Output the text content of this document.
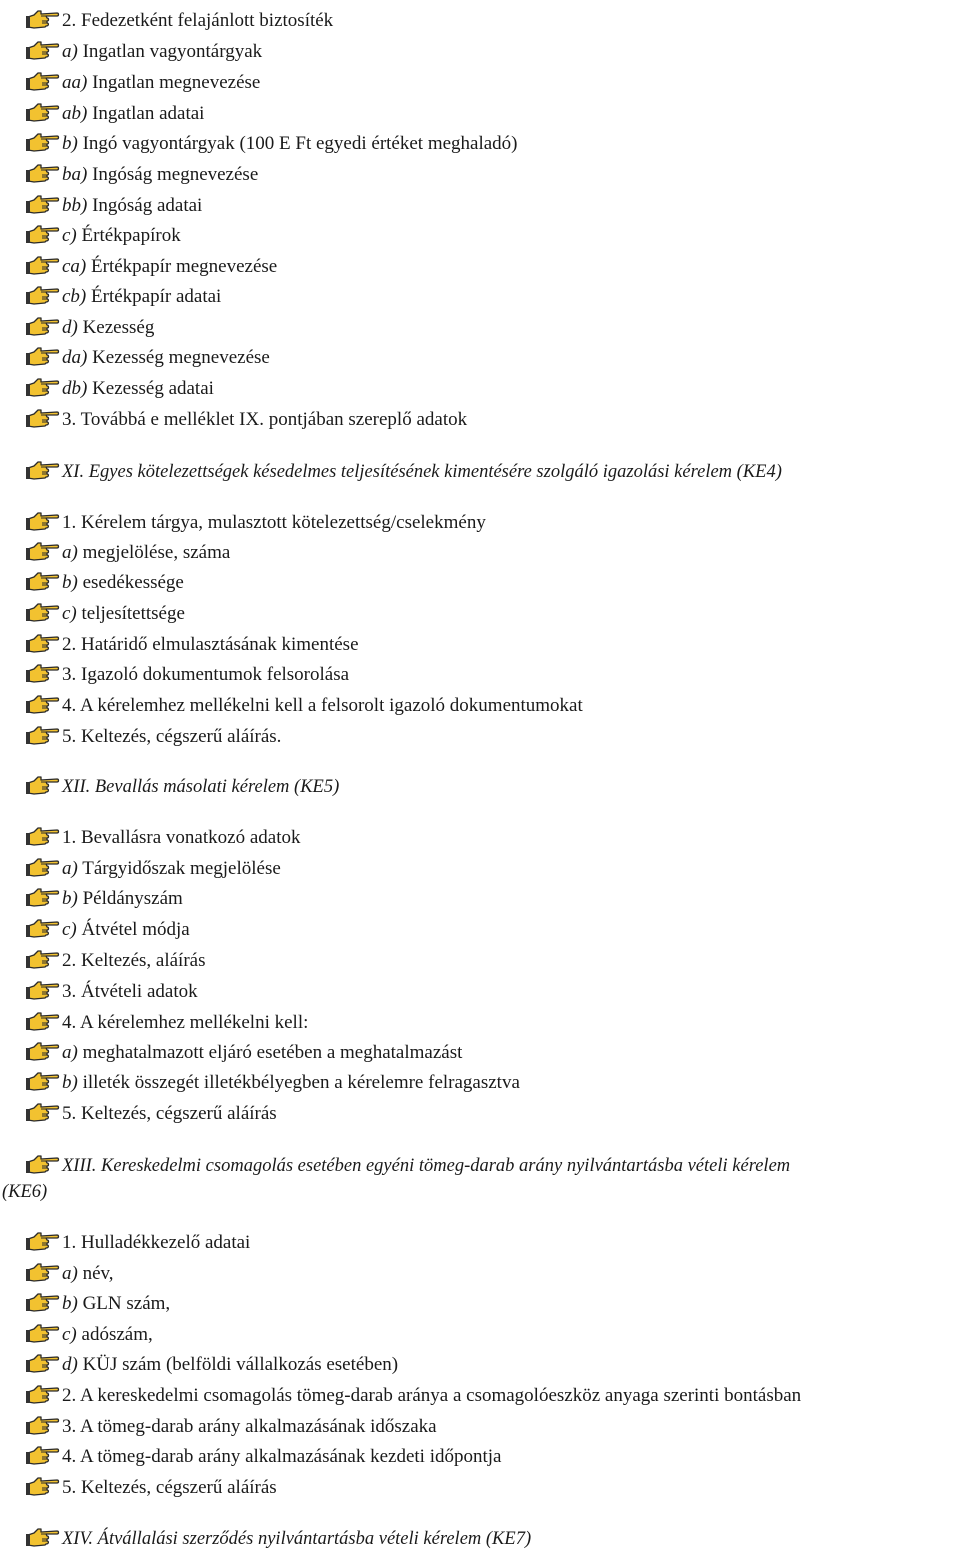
2. Fedezetként felajánlott biztosíték
a) Ingatlan vagyontárgyak
aa) Ingatlan megnevezése
ab) Ingatlan adatai
b) Ingó vagyontárgyak (100 E Ft egyedi értéket meghaladó)
ba) Ingóság megnevezése
bb) Ingóság adatai
c) Értékpapírok
ca) Értékpapír megnevezése
cb) Értékpapír adatai
d) Kezesség
da) Kezesség megnevezése
db) Kezesség adatai
3. Továbbá e melléklet IX. pontjában szereplő adatok
XI. Egyes kötelezettségek késedelmes teljesítésének kimentésére szolgáló igazolási kérelem (KE4)
1. Kérelem tárgya, mulasztott kötelezettség/cselekmény
a) megjelölése, száma
b) esedékessége
c) teljesítettsége
2. Határidő elmulasztásának kimentése
3. Igazoló dokumentumok felsorolása
4. A kérelemhez mellékelni kell a felsorolt igazoló dokumentumokat
5. Keltezés, cégszerű aláírás.
XII. Bevallás másolati kérelem (KE5)
1. Bevallásra vonatkozó adatok
a) Tárgyidőszak megjelölése
b) Példányszám
c) Átvétel módja
2. Keltezés, aláírás
3. Átvételi adatok
4. A kérelemhez mellékelni kell:
a) meghatalmazott eljáró esetében a meghatalmazást
b) illeték összegét illetékbélyegben a kérelemre felragasztva
5. Keltezés, cégszerű aláírás
XIII. Kereskedelmi csomagolás esetében egyéni tömeg-darab arány nyilvántartásba vételi kérelem
(KE6)
1. Hulladékkezelő adatai
a) név,
b) GLN szám,
c) adószám,
d) KÜJ szám (belföldi vállalkozás esetében)
2. A kereskedelmi csomagolás tömeg-darab aránya a csomagolóeszköz anyaga szerinti bontásban
3. A tömeg-darab arány alkalmazásának időszaka
4. A tömeg-darab arány alkalmazásának kezdeti időpontja
5. Keltezés, cégszerű aláírás
XIV. Átvállalási szerződés nyilvántartásba vételi kérelem (KE7)
